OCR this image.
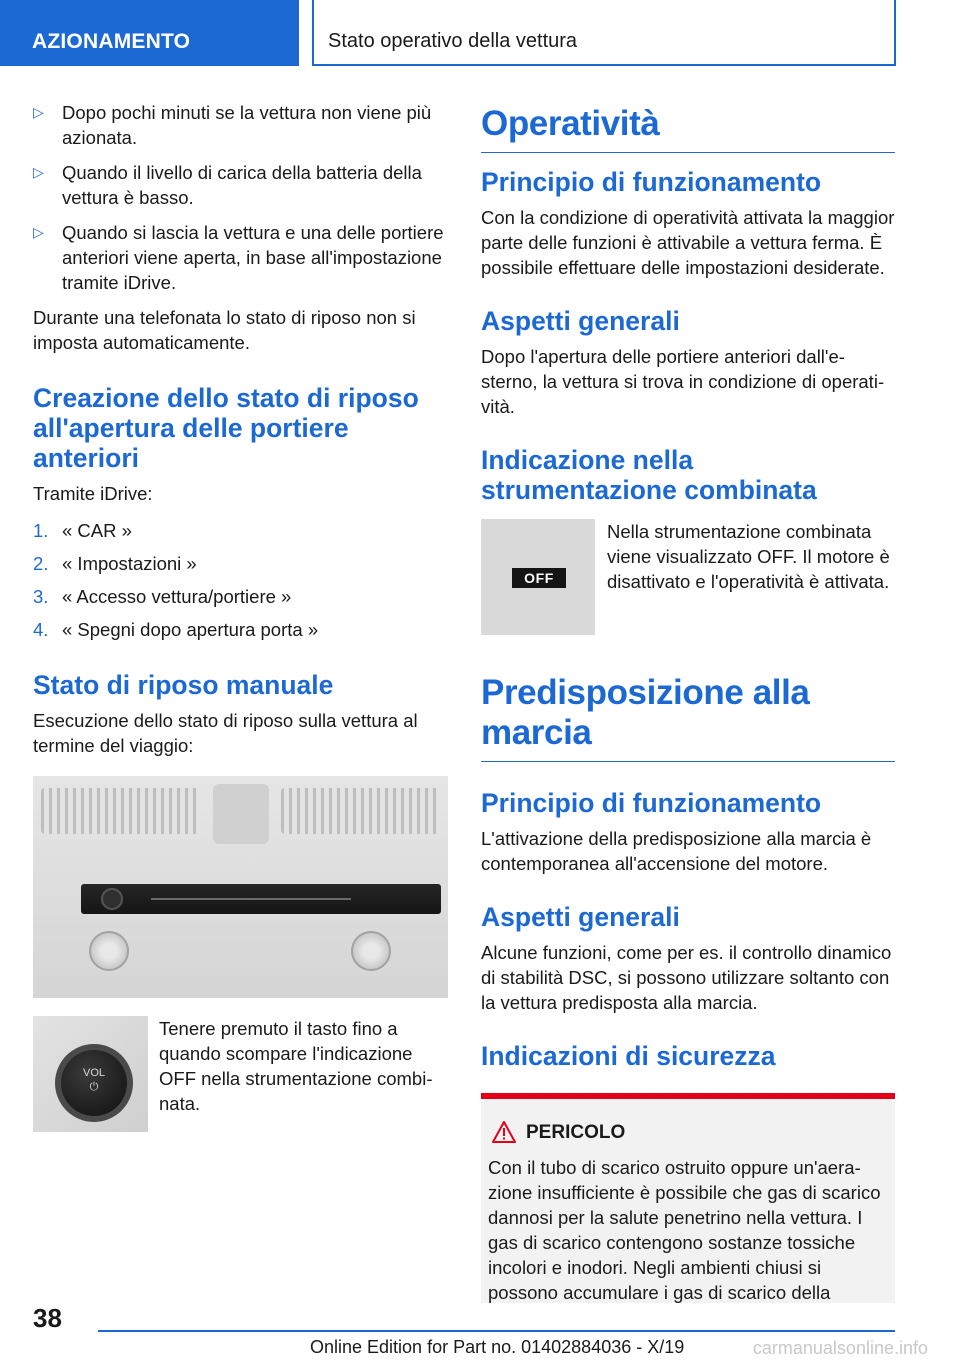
AZIONAMENTO	Stato operativo della vettura
▷ Dopo pochi minuti se la vettura non viene più azionata.
▷ Quando il livello di carica della batteria della vettura è basso.
▷ Quando si lascia la vettura e una delle portiere anteriori viene aperta, in base all'impostazione tramite iDrive.

Durante una telefonata lo stato di riposo non si imposta automaticamente.

Creazione dello stato di riposo all'apertura delle portiere anteriori

Tramite iDrive:

1. « CAR »
2. « Impostazioni »
3. « Accesso vettura/portiere »
4. « Spegni dopo apertura porta »
Stato di riposo manuale

Esecuzione dello stato di riposo sulla vettura al termine del viaggio:

VOL
⏻

Tenere premuto il tasto fino a quando scompare l'indicazione OFF nella strumentazione combinata.

Operatività
Principio di funzionamento

Con la condizione di operatività attivata la maggior parte delle funzioni è attivabile a vettura ferma. È possibile effettuare delle impostazioni desiderate.

Aspetti generali

Dopo l'apertura delle portiere anteriori dall'esterno, la vettura si trova in condizione di operatività.

Indicazione nella strumentazione combinata
OFF

Nella strumentazione combinata viene visualizzato OFF. Il motore è disattivato e l'operatività è attivata.

Predisposizione alla marcia
Principio di funzionamento

L'attivazione della predisposizione alla marcia è contemporanea all'accensione del motore.

Aspetti generali

Alcune funzioni, come per es. il controllo dinamico di stabilità DSC, si possono utilizzare soltanto con la vettura predisposta alla marcia.

Indicazioni di sicurezza
PERICOLO

Con il tubo di scarico ostruito oppure un'aerazione insufficiente è possibile che gas di scarico dannosi per la salute penetrino nella vettura. I gas di scarico contengono sostanze tossiche incolori e inodori. Negli ambienti chiusi si possono accumulare i gas di scarico della

38
Online Edition for Part no. 01402884036 - X/19	carmanualsonline.info
